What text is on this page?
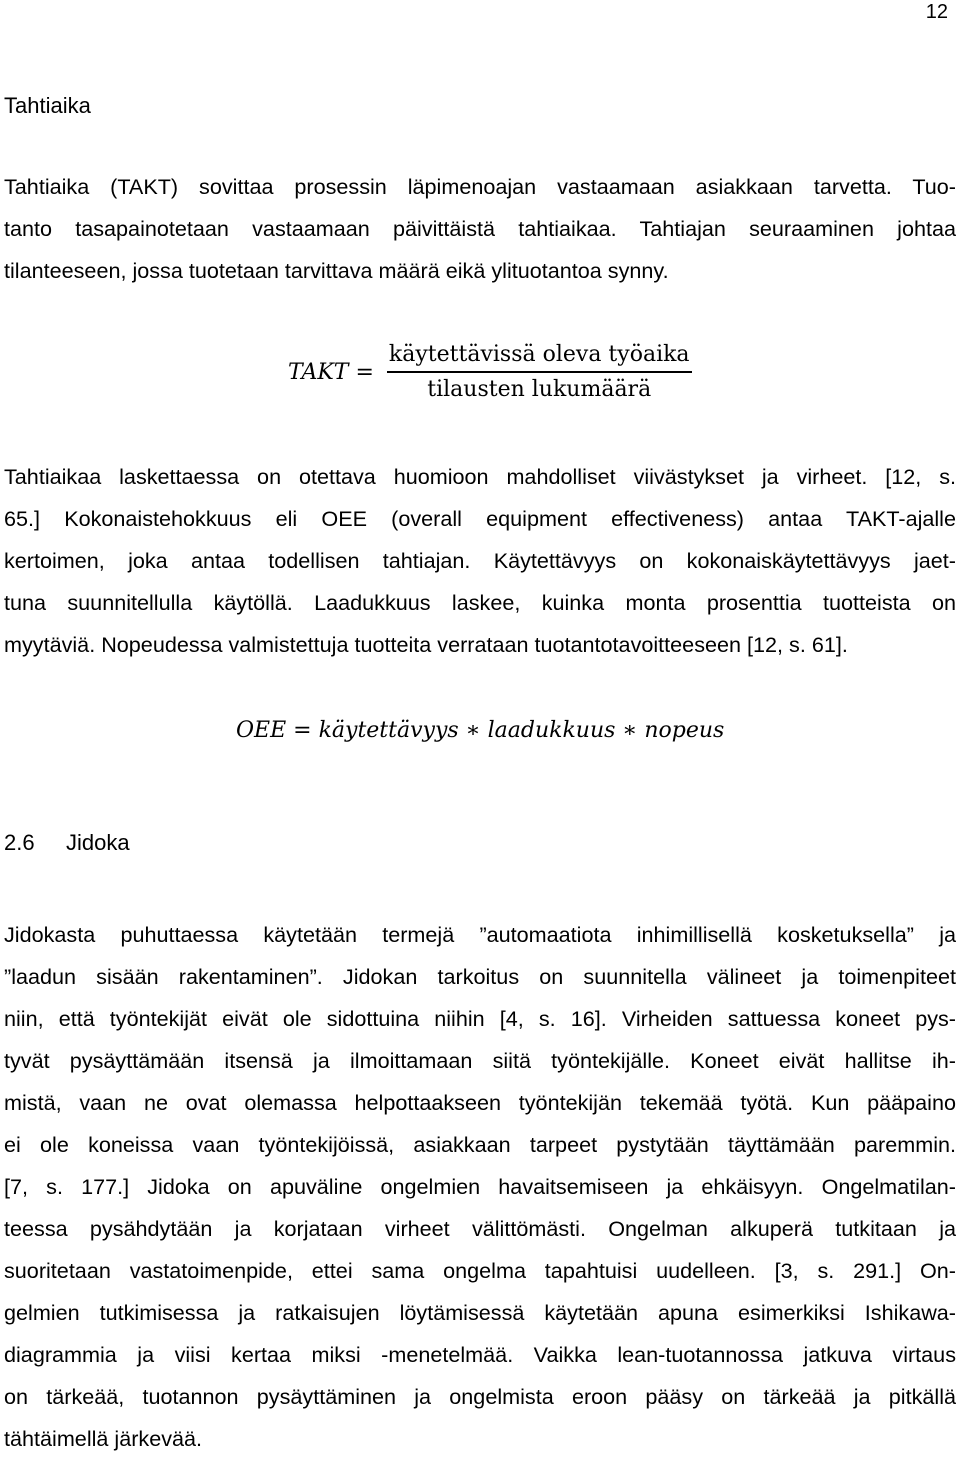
12
Tahtiaika
Tahtiaika (TAKT) sovittaa prosessin läpimenoajan vastaamaan asiakkaan tarvetta. Tuo-
tanto tasapainotetaan vastaamaan päivittäistä tahtiaikaa. Tahtiajan seuraaminen johtaa
tilanteeseen, jossa tuotetaan tarvittava määrä eikä ylituotantoa synny.
TAKT = $\frac{\text{käytettävissä oleva työaika}}{\text{tilausten lukumäärä}}$
Tahtiaikaa laskettaessa on otettava huomioon mahdolliset viivästykset ja virheet. [12, s.
65.] Kokonaistehokkuus eli OEE (overall equipment effectiveness) antaa TAKT-ajalle
kertoimen, joka antaa todellisen tahtiajan. Käytettävyys on kokonaiskäytettävyys jaet-
tuna suunnitellulla käytöllä. Laadukkuus laskee, kuinka monta prosenttia tuotteista on
myytäviä. Nopeudessa valmistettuja tuotteita verrataan tuotantotavoitteeseen [12, s. 61].
OEE = käytettävyys ∗ laadukkuus ∗ nopeus
2.6 Jidoka
Jidokasta puhuttaessa käytetään termejä ”automaatiota inhimillisellä kosketuksella” ja
”laadun sisään rakentaminen”. Jidokan tarkoitus on suunnitella välineet ja toimenpiteet
niin, että työntekijät eivät ole sidottuina niihin [4, s. 16]. Virheiden sattuessa koneet pys-
tyvät pysäyttämään itsensä ja ilmoittamaan siitä työntekijälle. Koneet eivät hallitse ih-
mistä, vaan ne ovat olemassa helpottaakseen työntekijän tekemää työtä. Kun pääpaino
ei ole koneissa vaan työntekijöissä, asiakkaan tarpeet pystytään täyttämään paremmin.
[7, s. 177.] Jidoka on apuväline ongelmien havaitsemiseen ja ehkäisyyn. Ongelmatilan-
teessa pysähdytään ja korjataan virheet välittömästi. Ongelman alkuperä tutkitaan ja
suoritetaan vastatoimenpide, ettei sama ongelma tapahtuisi uudelleen. [3, s. 291.] On-
gelmien tutkimisessa ja ratkaisujen löytämisessä käytetään apuna esimerkiksi Ishikawa-
diagrammia ja viisi kertaa miksi -menetelmää. Vaikka lean-tuotannossa jatkuva virtaus
on tärkeää, tuotannon pysäyttäminen ja ongelmista eroon pääsy on tärkeää ja pitkällä
tähtäimellä järkevää.
